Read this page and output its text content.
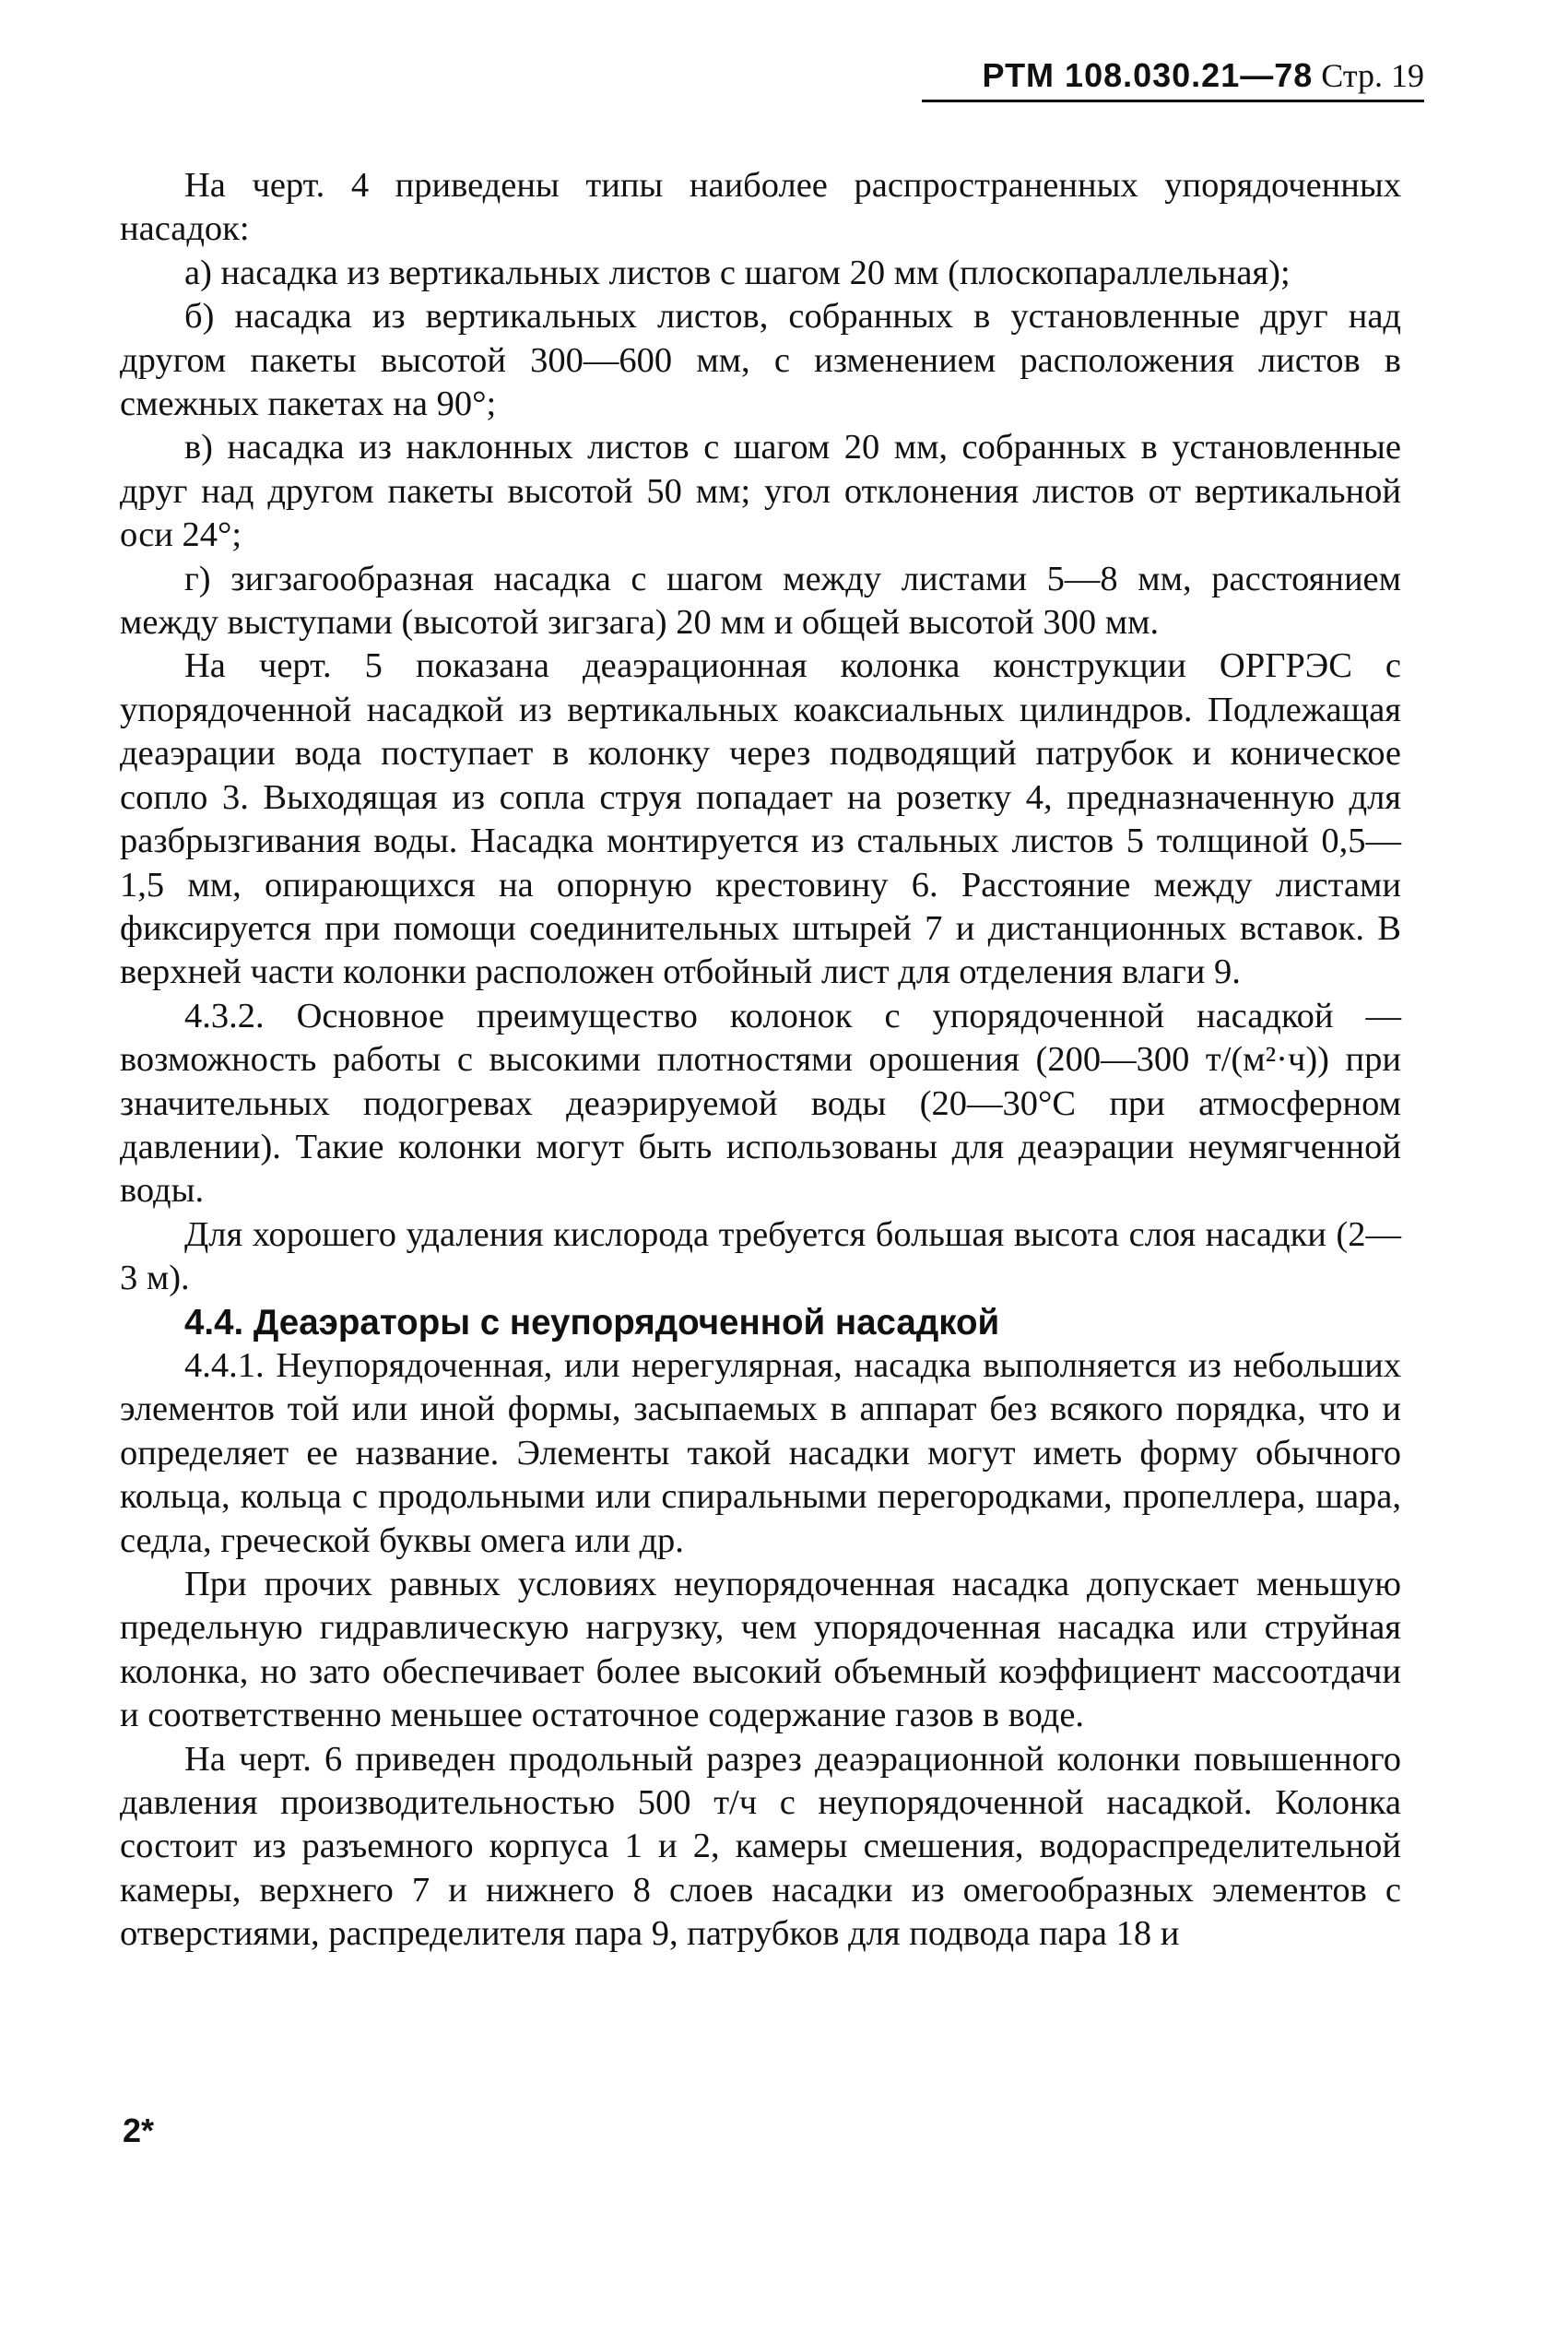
РТМ 108.030.21—78 Стр. 19

На черт. 4 приведены типы наиболее распространенных упорядоченных насадок:

а) насадка из вертикальных листов с шагом 20 мм (плоскопараллельная);

б) насадка из вертикальных листов, собранных в установленные друг над другом пакеты высотой 300—600 мм, с изменением расположения листов в смежных пакетах на 90°;

в) насадка из наклонных листов с шагом 20 мм, собранных в установленные друг над другом пакеты высотой 50 мм; угол отклонения листов от вертикальной оси 24°;

г) зигзагообразная насадка с шагом между листами 5—8 мм, расстоянием между выступами (высотой зигзага) 20 мм и общей высотой 300 мм.

На черт. 5 показана деаэрационная колонка конструкции ОРГРЭС с упорядоченной насадкой из вертикальных коаксиальных цилиндров. Подлежащая деаэрации вода поступает в колонку через подводящий патрубок и коническое сопло 3. Выходящая из сопла струя попадает на розетку 4, предназначенную для разбрызгивания воды. Насадка монтируется из стальных листов 5 толщиной 0,5—1,5 мм, опирающихся на опорную крестовину 6. Расстояние между листами фиксируется при помощи соединительных штырей 7 и дистанционных вставок. В верхней части колонки расположен отбойный лист для отделения влаги 9.

4.3.2. Основное преимущество колонок с упорядоченной насадкой — возможность работы с высокими плотностями орошения (200—300 т/(м²·ч)) при значительных подогревах деаэрируемой воды (20—30°С при атмосферном давлении). Такие колонки могут быть использованы для деаэрации неумягченной воды.

Для хорошего удаления кислорода требуется большая высота слоя насадки (2—3 м).

4.4. Деаэраторы с неупорядоченной насадкой

4.4.1. Неупорядоченная, или нерегулярная, насадка выполняется из небольших элементов той или иной формы, засыпаемых в аппарат без всякого порядка, что и определяет ее название. Элементы такой насадки могут иметь форму обычного кольца, кольца с продольными или спиральными перегородками, пропеллера, шара, седла, греческой буквы омега или др.

При прочих равных условиях неупорядоченная насадка допускает меньшую предельную гидравлическую нагрузку, чем упорядоченная насадка или струйная колонка, но зато обеспечивает более высокий объемный коэффициент массоотдачи и соответственно меньшее остаточное содержание газов в воде.

На черт. 6 приведен продольный разрез деаэрационной колонки повышенного давления производительностью 500 т/ч с неупорядоченной насадкой. Колонка состоит из разъемного корпуса 1 и 2, камеры смешения, водораспределительной камеры, верхнего 7 и нижнего 8 слоев насадки из омегообразных элементов с отверстиями, распределителя пара 9, патрубков для подвода пара 18 и

2*
